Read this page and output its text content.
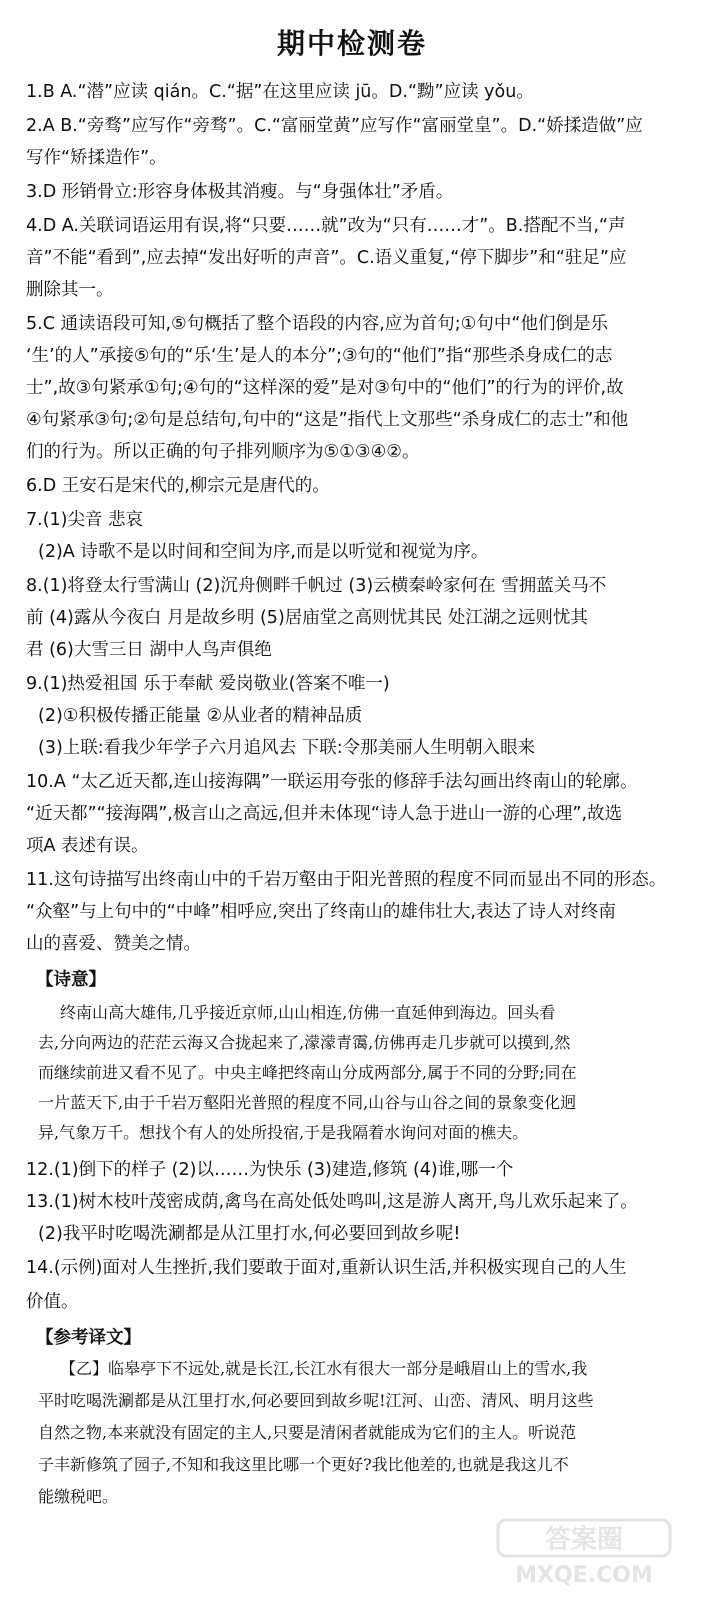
期中检测卷
1.B A.“潜”应读 qián。C.“据”在这里应读 jū。D.“黝”应读 yǒu。
2.A B.“旁骛”应写作“旁骛”。C.“富丽堂黄”应写作“富丽堂皇”。D.“娇揉造做”应
写作“矫揉造作”。
3.D 形销骨立:形容身体极其消瘦。与“身强体壮”矛盾。
4.D A.关联词语运用有误,将“只要……就”改为“只有……才”。B.搭配不当,“声
音”不能“看到”,应去掉“发出好听的声音”。C.语义重复,“停下脚步”和“驻足”应
删除其一。
5.C 通读语段可知,⑤句概括了整个语段的内容,应为首句;①句中“他们倒是乐
‘生’的人”承接⑤句的“乐‘生’是人的本分”;③句的“他们”指“那些杀身成仁的志
士”,故③句紧承①句;④句的“这样深的爱”是对③句中的“他们”的行为的评价,故
④句紧承③句;②句是总结句,句中的“这是”指代上文那些“杀身成仁的志士”和他
们的行为。所以正确的句子排列顺序为⑤①③④②。
6.D 王安石是宋代的,柳宗元是唐代的。
7.(1)尖音 悲哀
(2)A 诗歌不是以时间和空间为序,而是以听觉和视觉为序。
8.(1)将登太行雪满山 (2)沉舟侧畔千帆过 (3)云横秦岭家何在 雪拥蓝关马不
前 (4)露从今夜白 月是故乡明 (5)居庙堂之高则忧其民 处江湖之远则忧其
君 (6)大雪三日 湖中人鸟声俱绝
9.(1)热爱祖国 乐于奉献 爱岗敬业(答案不唯一)
(2)①积极传播正能量 ②从业者的精神品质
(3)上联:看我少年学子六月追风去 下联:令那美丽人生明朝入眼来
10.A “太乙近天都,连山接海隅”一联运用夸张的修辞手法勾画出终南山的轮廓。
“近天都”“接海隅”,极言山之高远,但并未体现“诗人急于进山一游的心理”,故选
项A 表述有误。
11.这句诗描写出终南山中的千岩万壑由于阳光普照的程度不同而显出不同的形态。
“众壑”与上句中的“中峰”相呼应,突出了终南山的雄伟壮大,表达了诗人对终南
山的喜爱、赞美之情。
【诗意】
终南山高大雄伟,几乎接近京师,山山相连,仿佛一直延伸到海边。回头看
去,分向两边的茫茫云海又合拢起来了,濛濛青霭,仿佛再走几步就可以摸到,然
而继续前进又看不见了。中央主峰把终南山分成两部分,属于不同的分野;同在
一片蓝天下,由于千岩万壑阳光普照的程度不同,山谷与山谷之间的景象变化迥
异,气象万千。想找个有人的处所投宿,于是我隔着水询问对面的樵夫。
12.(1)倒下的样子 (2)以……为快乐 (3)建造,修筑 (4)谁,哪一个
13.(1)树木枝叶茂密成荫,禽鸟在高处低处鸣叫,这是游人离开,鸟儿欢乐起来了。
(2)我平时吃喝洗涮都是从江里打水,何必要回到故乡呢!
14.(示例)面对人生挫折,我们要敢于面对,重新认识生活,并积极实现自己的人生
价值。
【参考译文】
【乙】临皋亭下不远处,就是长江,长江水有很大一部分是峨眉山上的雪水,我
平时吃喝洗涮都是从江里打水,何必要回到故乡呢!江河、山峦、清风、明月这些
自然之物,本来就没有固定的主人,只要是清闲者就能成为它们的主人。听说范
子丰新修筑了园子,不知和我这里比哪一个更好?我比他差的,也就是我这儿不
能缴税吧。
答案圈
MXQE.COM
